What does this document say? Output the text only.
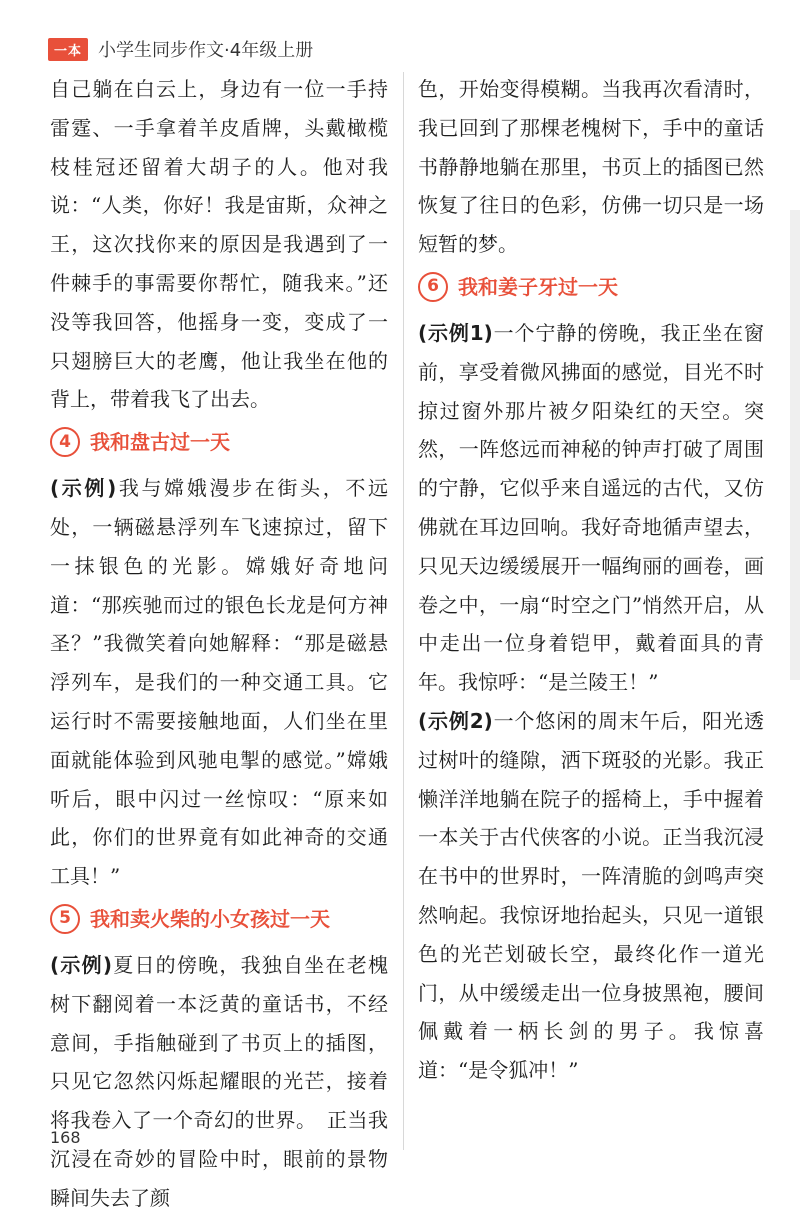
一本 小学生同步作文·4年级上册

自己躺在白云上，身边有一位一手持雷霆、一手拿着羊皮盾牌，头戴橄榄枝桂冠还留着大胡子的人。他对我说：“人类，你好！我是宙斯，众神之王，这次找你来的原因是我遇到了一件棘手的事需要你帮忙，随我来。”还没等我回答，他摇身一变，变成了一只翅膀巨大的老鹰，他让我坐在他的背上，带着我飞了出去。

4 我和盘古过一天

(示例)我与嫦娥漫步在街头，不远处，一辆磁悬浮列车飞速掠过，留下一抹银色的光影。嫦娥好奇地问道：“那疾驰而过的银色长龙是何方神圣？”我微笑着向她解释：“那是磁悬浮列车，是我们的一种交通工具。它运行时不需要接触地面，人们坐在里面就能体验到风驰电掣的感觉。”嫦娥听后，眼中闪过一丝惊叹：“原来如此，你们的世界竟有如此神奇的交通工具！”

5 我和卖火柴的小女孩过一天

(示例)夏日的傍晚，我独自坐在老槐树下翻阅着一本泛黄的童话书，不经意间，手指触碰到了书页上的插图，只见它忽然闪烁起耀眼的光芒，接着将我卷入了一个奇幻的世界。　正当我沉浸在奇妙的冒险中时，眼前的景物瞬间失去了颜

色，开始变得模糊。当我再次看清时，我已回到了那棵老槐树下，手中的童话书静静地躺在那里，书页上的插图已然恢复了往日的色彩，仿佛一切只是一场短暂的梦。

6 我和姜子牙过一天

(示例1)一个宁静的傍晚，我正坐在窗前，享受着微风拂面的感觉，目光不时掠过窗外那片被夕阳染红的天空。突然，一阵悠远而神秘的钟声打破了周围的宁静，它似乎来自遥远的古代，又仿佛就在耳边回响。我好奇地循声望去，只见天边缓缓展开一幅绚丽的画卷，画卷之中，一扇“时空之门”悄然开启，从中走出一位身着铠甲，戴着面具的青年。我惊呼：“是兰陵王！”

(示例2)一个悠闲的周末午后，阳光透过树叶的缝隙，洒下斑驳的光影。我正懒洋洋地躺在院子的摇椅上，手中握着一本关于古代侠客的小说。正当我沉浸在书中的世界时，一阵清脆的剑鸣声突然响起。我惊讶地抬起头，只见一道银色的光芒划破长空，最终化作一道光门，从中缓缓走出一位身披黑袍，腰间佩戴着一柄长剑的男子。我惊喜道：“是令狐冲！”

168
